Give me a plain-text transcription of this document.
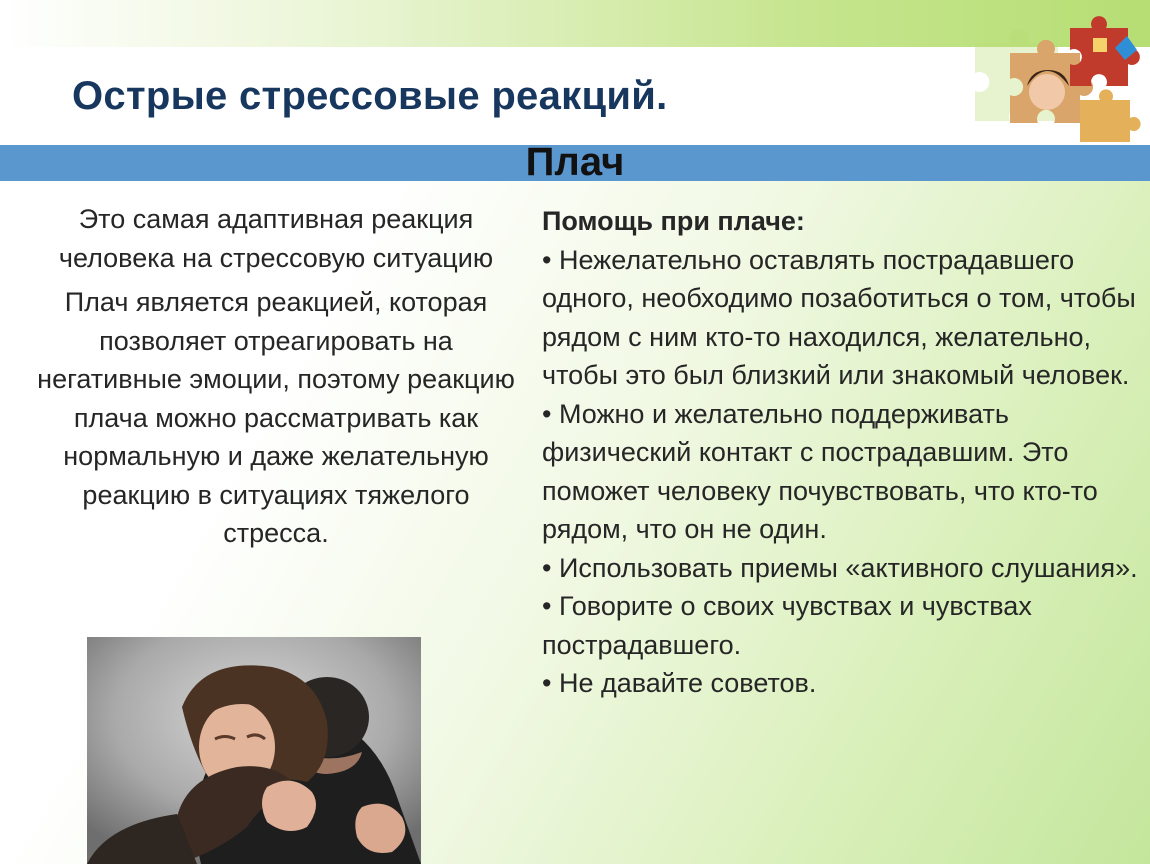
Острые стрессовые реакций.
Плач

Это самая адаптивная реакция человека на стрессовую ситуацию

Плач является реакцией, которая позволяет отреагировать на негативные эмоции, поэтому реакцию плача можно рассматривать как нормальную и даже желательную реакцию в ситуациях тяжелого стресса.

Помощь при плаче:

• Нежелательно оставлять пострадавшего одного, необходимо позаботиться о том, чтобы рядом с ним кто-то находился, желательно, чтобы это был близкий или знакомый человек.

• Можно и желательно поддерживать физический контакт с пострадавшим. Это поможет человеку почувствовать, что кто-то рядом, что он не один.

• Использовать приемы «активного слушания».

• Говорите о своих чувствах и чувствах пострадавшего.

• Не давайте советов.
